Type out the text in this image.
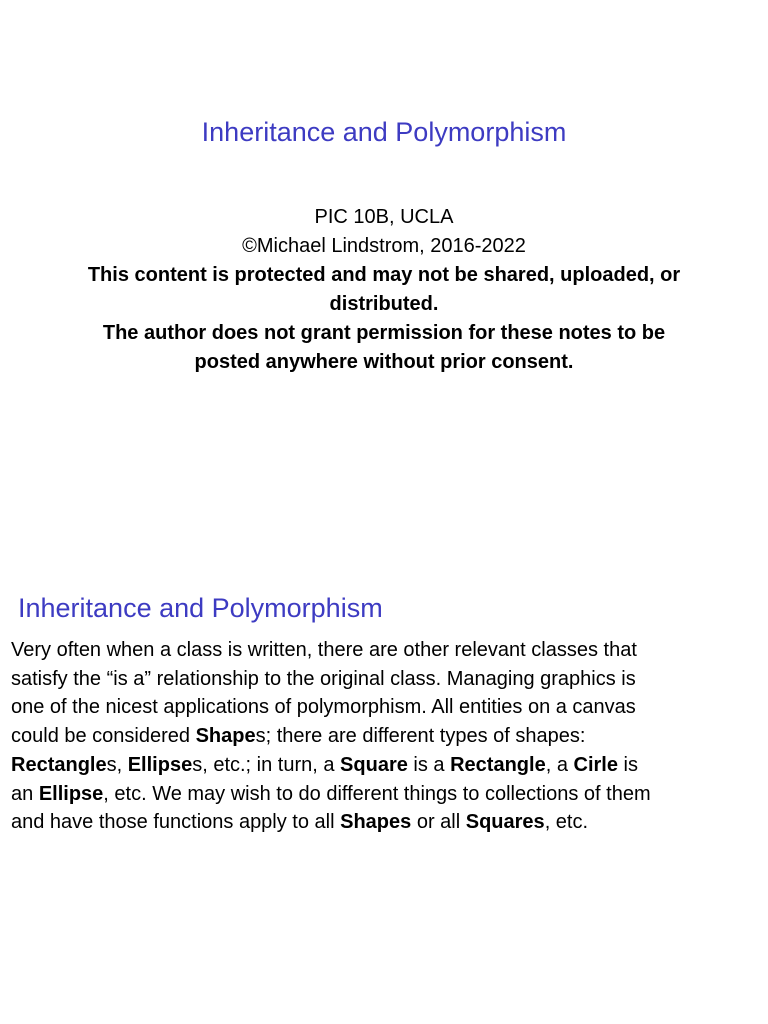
Inheritance and Polymorphism
PIC 10B, UCLA
©Michael Lindstrom, 2016-2022
This content is protected and may not be shared, uploaded, or
distributed.
The author does not grant permission for these notes to be
posted anywhere without prior consent.
Inheritance and Polymorphism
Very often when a class is written, there are other relevant classes that
satisfy the “is a” relationship to the original class. Managing graphics is
one of the nicest applications of polymorphism. All entities on a canvas
could be considered Shapes; there are different types of shapes:
Rectangles, Ellipses, etc.; in turn, a Square is a Rectangle, a Cirle is
an Ellipse, etc. We may wish to do different things to collections of them
and have those functions apply to all Shapes or all Squares, etc.
